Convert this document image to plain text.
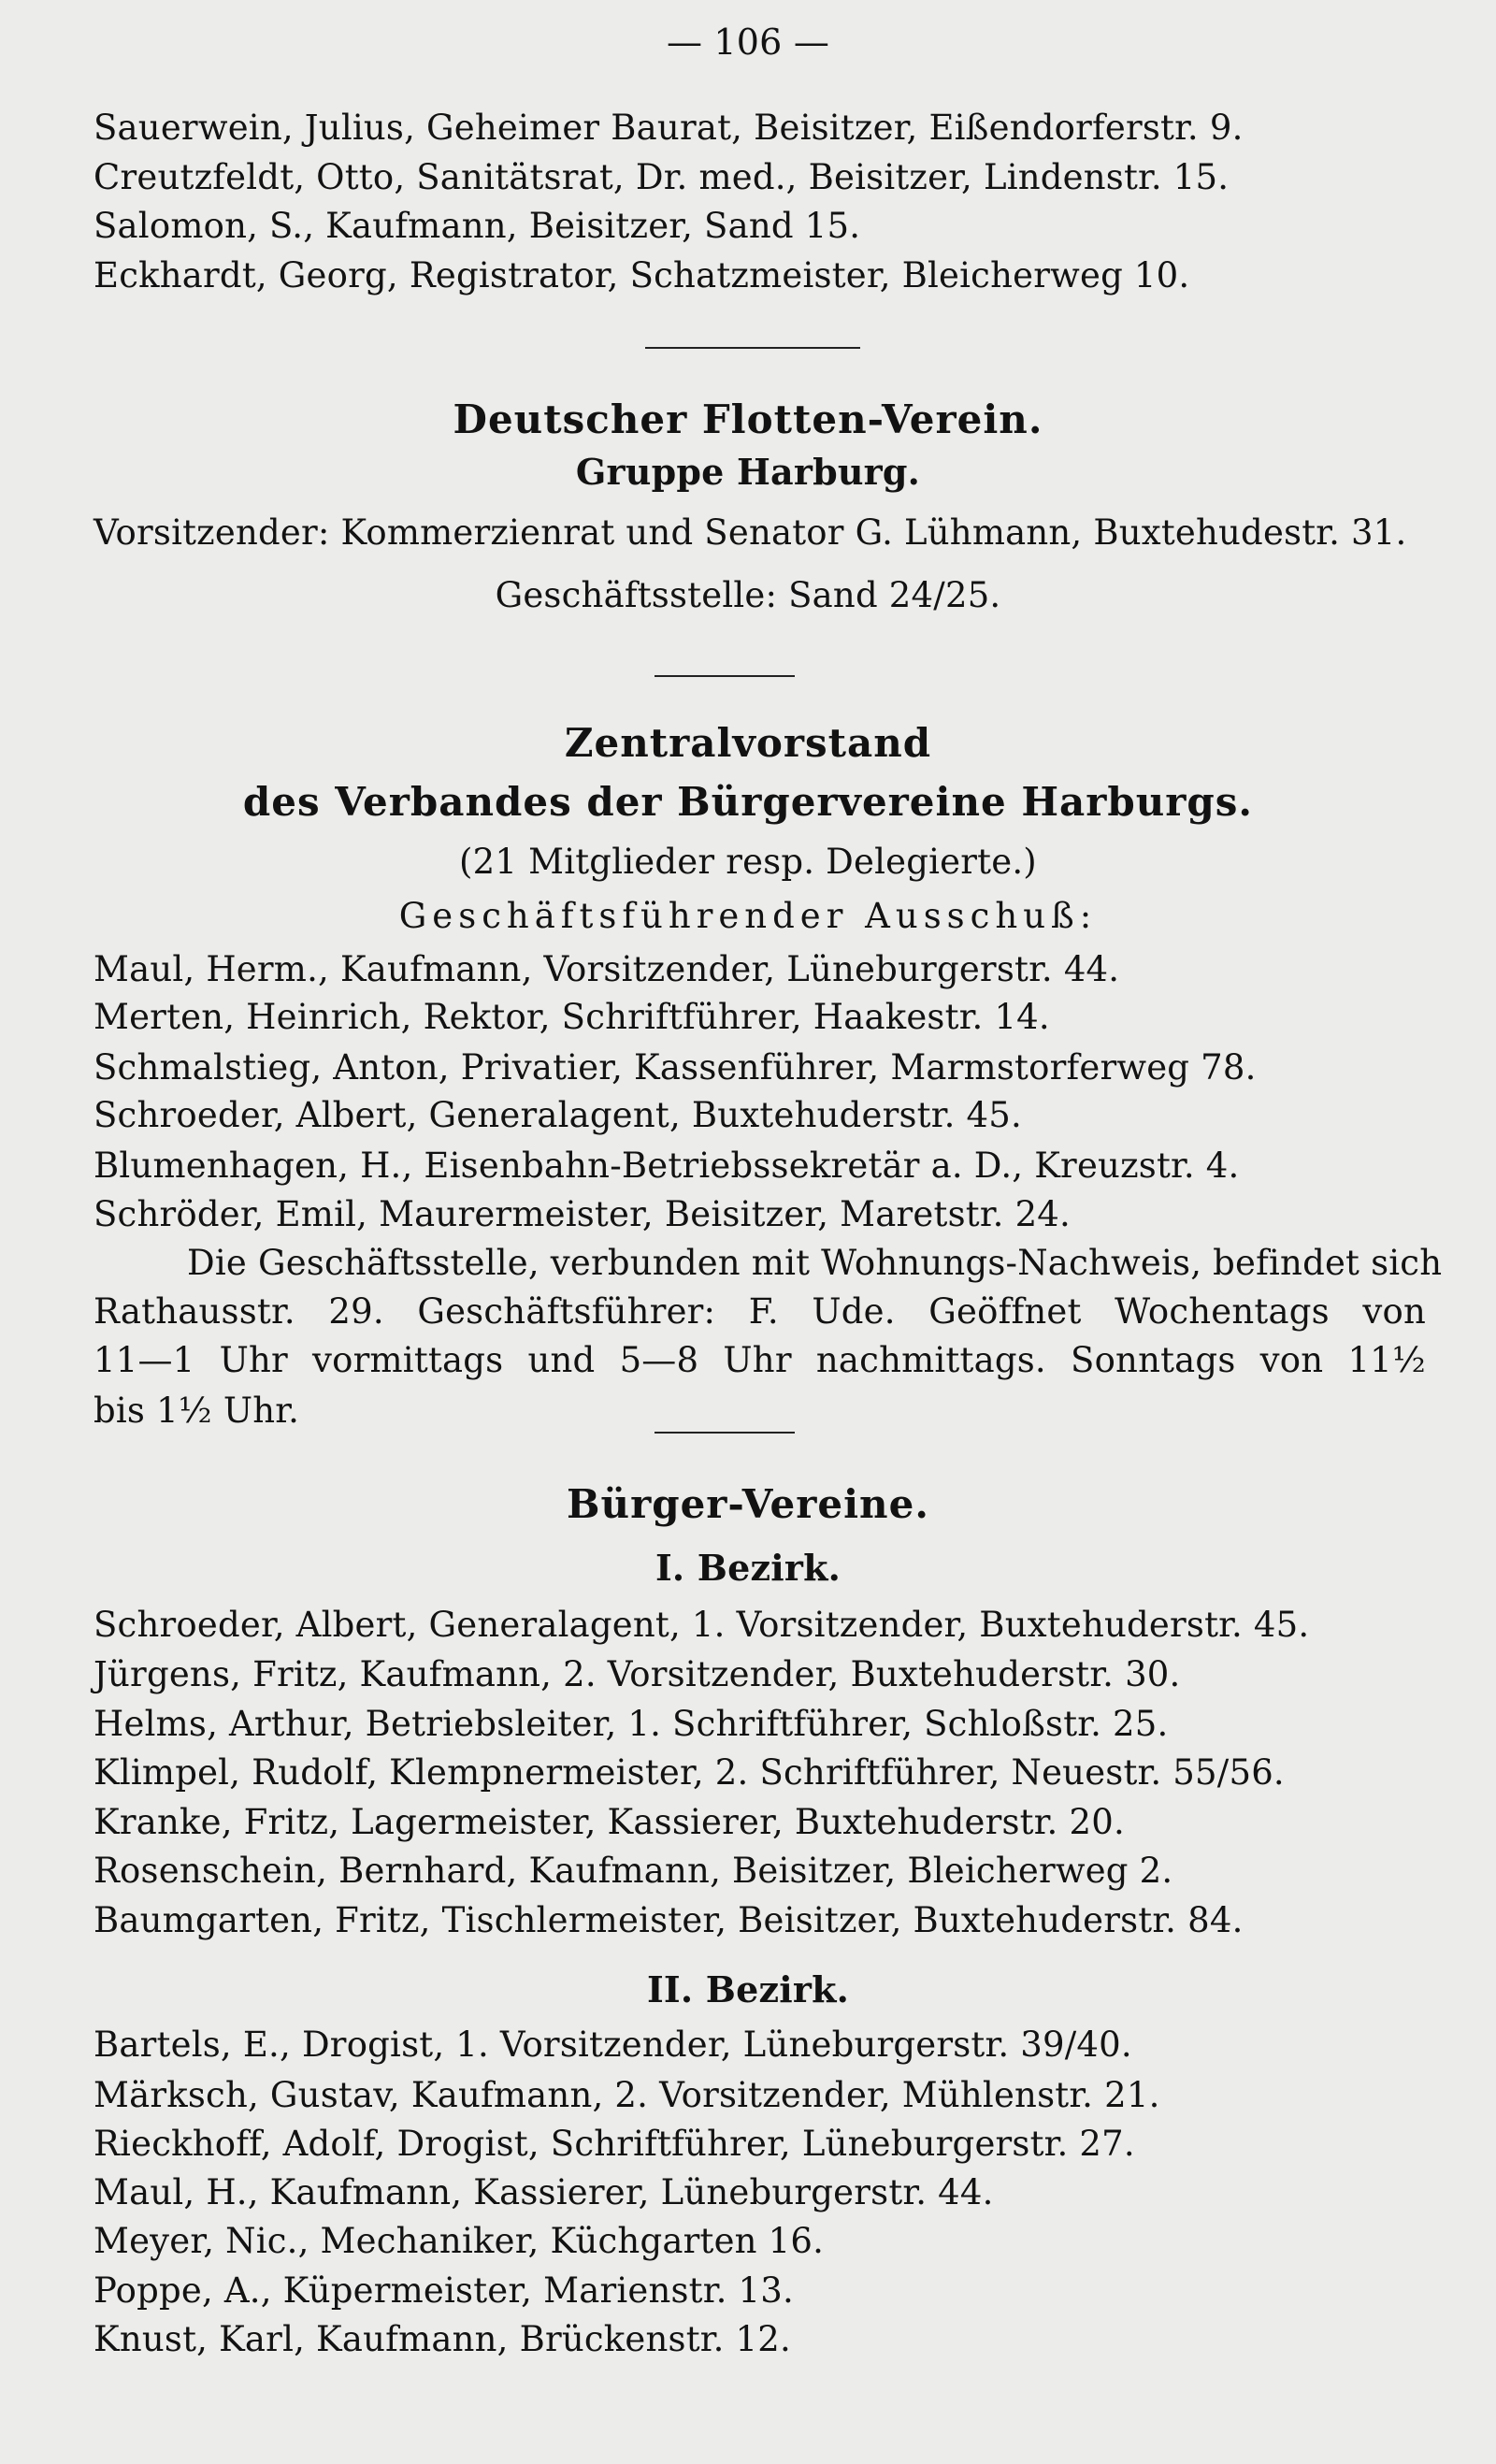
— 106 —
Sauerwein, Julius, Geheimer Baurat, Beisitzer, Eißendorferstr. 9.
Creutzfeldt, Otto, Sanitätsrat, Dr. med., Beisitzer, Lindenstr. 15.
Salomon, S., Kaufmann, Beisitzer, Sand 15.
Eckhardt, Georg, Registrator, Schatzmeister, Bleicherweg 10.
Deutscher Flotten-Verein.
Gruppe Harburg.
Vorsitzender: Kommerzienrat und Senator G. Lühmann, Buxtehudestr. 31.
Geschäftsstelle: Sand 24/25.
Zentralvorstand
des Verbandes der Bürgervereine Harburgs.
(21 Mitglieder resp. Delegierte.)
Geschäftsführender Ausschuß:
Maul, Herm., Kaufmann, Vorsitzender, Lüneburgerstr. 44.
Merten, Heinrich, Rektor, Schriftführer, Haakestr. 14.
Schmalstieg, Anton, Privatier, Kassenführer, Marmstorferweg 78.
Schroeder, Albert, Generalagent, Buxtehuderstr. 45.
Blumenhagen, H., Eisenbahn-Betriebssekretär a. D., Kreuzstr. 4.
Schröder, Emil, Maurermeister, Beisitzer, Maretstr. 24.
Die Geschäftsstelle, verbunden mit Wohnungs-Nachweis, befindet sich
Rathausstr. 29. Geschäftsführer: F. Ude. Geöffnet Wochentags von
11—1 Uhr vormittags und 5—8 Uhr nachmittags. Sonntags von 11½
bis 1½ Uhr.
Bürger-Vereine.
I. Bezirk.
Schroeder, Albert, Generalagent, 1. Vorsitzender, Buxtehuderstr. 45.
Jürgens, Fritz, Kaufmann, 2. Vorsitzender, Buxtehuderstr. 30.
Helms, Arthur, Betriebsleiter, 1. Schriftführer, Schloßstr. 25.
Klimpel, Rudolf, Klempnermeister, 2. Schriftführer, Neuestr. 55/56.
Kranke, Fritz, Lagermeister, Kassierer, Buxtehuderstr. 20.
Rosenschein, Bernhard, Kaufmann, Beisitzer, Bleicherweg 2.
Baumgarten, Fritz, Tischlermeister, Beisitzer, Buxtehuderstr. 84.
II. Bezirk.
Bartels, E., Drogist, 1. Vorsitzender, Lüneburgerstr. 39/40.
Märksch, Gustav, Kaufmann, 2. Vorsitzender, Mühlenstr. 21.
Rieckhoff, Adolf, Drogist, Schriftführer, Lüneburgerstr. 27.
Maul, H., Kaufmann, Kassierer, Lüneburgerstr. 44.
Meyer, Nic., Mechaniker, Küchgarten 16.
Poppe, A., Küpermeister, Marienstr. 13.
Knust, Karl, Kaufmann, Brückenstr. 12.
